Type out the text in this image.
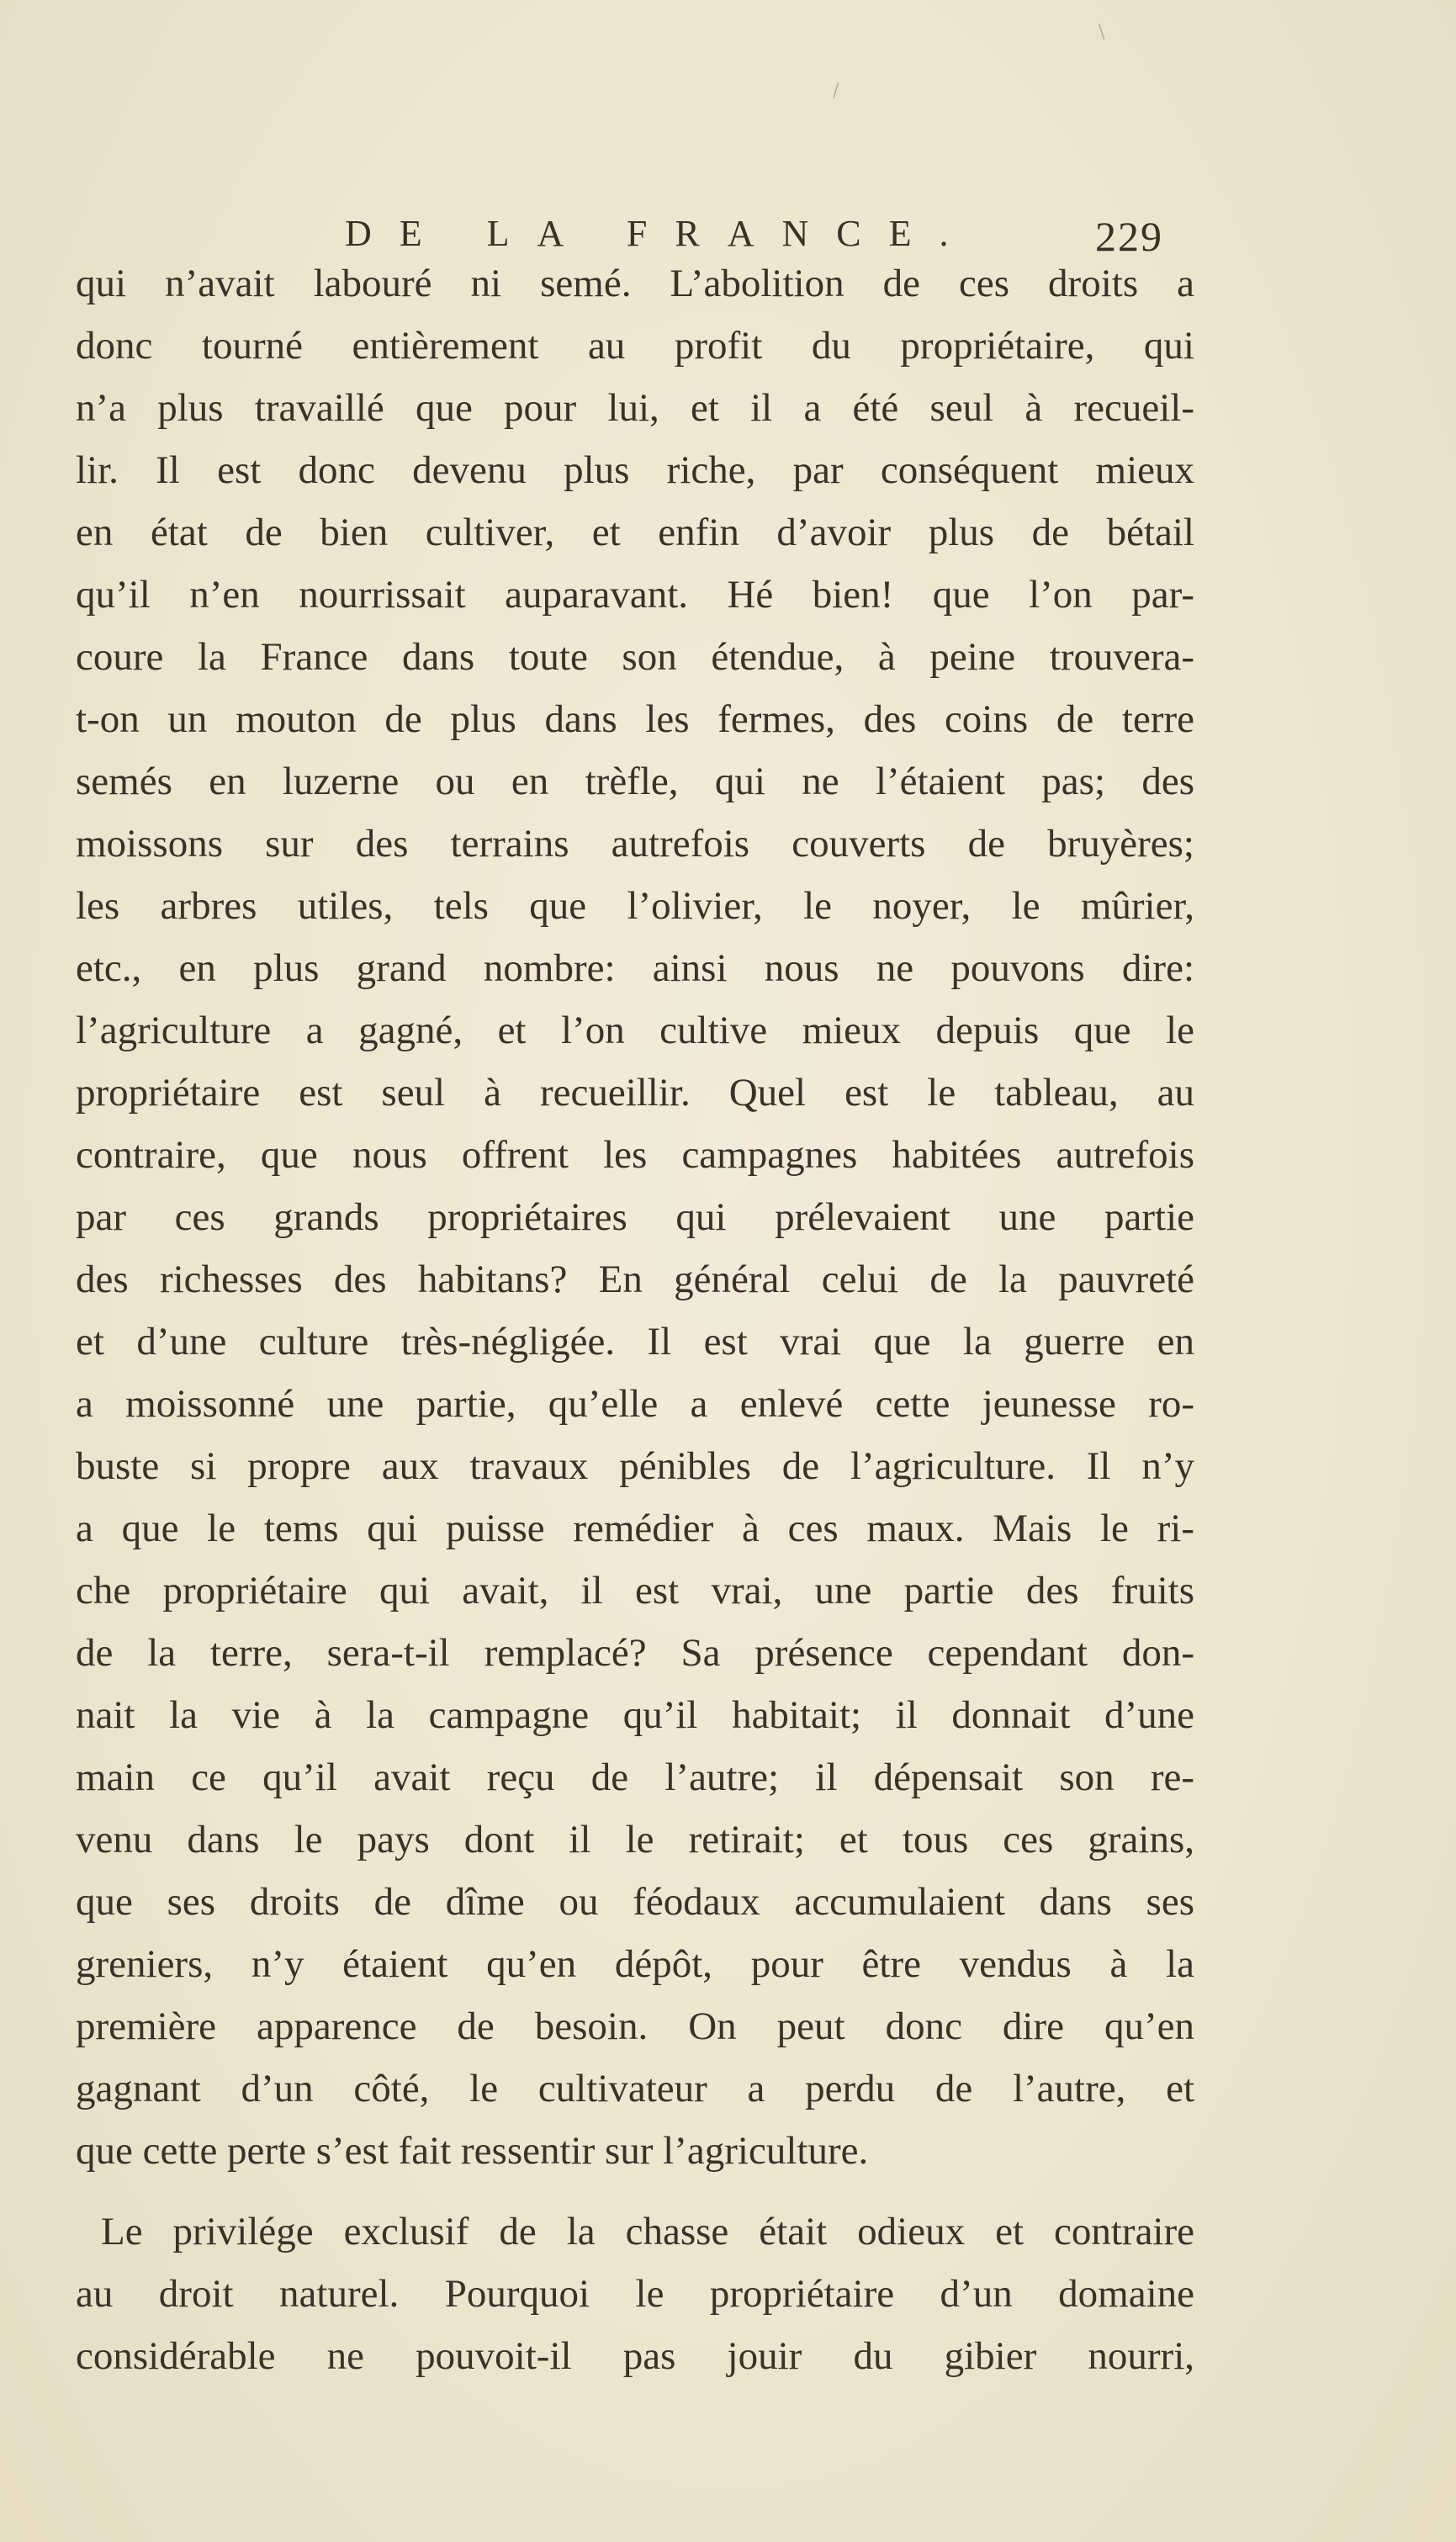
\
/
DE LA FRANCE.	229
qui n’avait labouré ni semé. L’abolition de ces droits a
donc tourné entièrement au profit du propriétaire, qui
n’a plus travaillé que pour lui, et il a été seul à recueil-
lir. Il est donc devenu plus riche, par conséquent mieux
en état de bien cultiver, et enfin d’avoir plus de bétail
qu’il n’en nourrissait auparavant. Hé bien! que l’on par-
coure la France dans toute son étendue, à peine trouvera-
t-on un mouton de plus dans les fermes, des coins de terre
semés en luzerne ou en trèfle, qui ne l’étaient pas; des
moissons sur des terrains autrefois couverts de bruyères;
les arbres utiles, tels que l’olivier, le noyer, le mûrier,
etc., en plus grand nombre: ainsi nous ne pouvons dire:
l’agriculture a gagné, et l’on cultive mieux depuis que le
propriétaire est seul à recueillir. Quel est le tableau, au
contraire, que nous offrent les campagnes habitées autrefois
par ces grands propriétaires qui prélevaient une partie
des richesses des habitans? En général celui de la pauvreté
et d’une culture très-négligée. Il est vrai que la guerre en
a moissonné une partie, qu’elle a enlevé cette jeunesse ro-
buste si propre aux travaux pénibles de l’agriculture. Il n’y
a que le tems qui puisse remédier à ces maux. Mais le ri-
che propriétaire qui avait, il est vrai, une partie des fruits
de la terre, sera-t-il remplacé? Sa présence cependant don-
nait la vie à la campagne qu’il habitait; il donnait d’une
main ce qu’il avait reçu de l’autre; il dépensait son re-
venu dans le pays dont il le retirait; et tous ces grains,
que ses droits de dîme ou féodaux accumulaient dans ses
greniers, n’y étaient qu’en dépôt, pour être vendus à la
première apparence de besoin. On peut donc dire qu’en
gagnant d’un côté, le cultivateur a perdu de l’autre, et
que cette perte s’est fait ressentir sur l’agriculture.
Le privilége exclusif de la chasse était odieux et contraire
au droit naturel. Pourquoi le propriétaire d’un domaine
considérable ne pouvoit-il pas jouir du gibier nourri,
